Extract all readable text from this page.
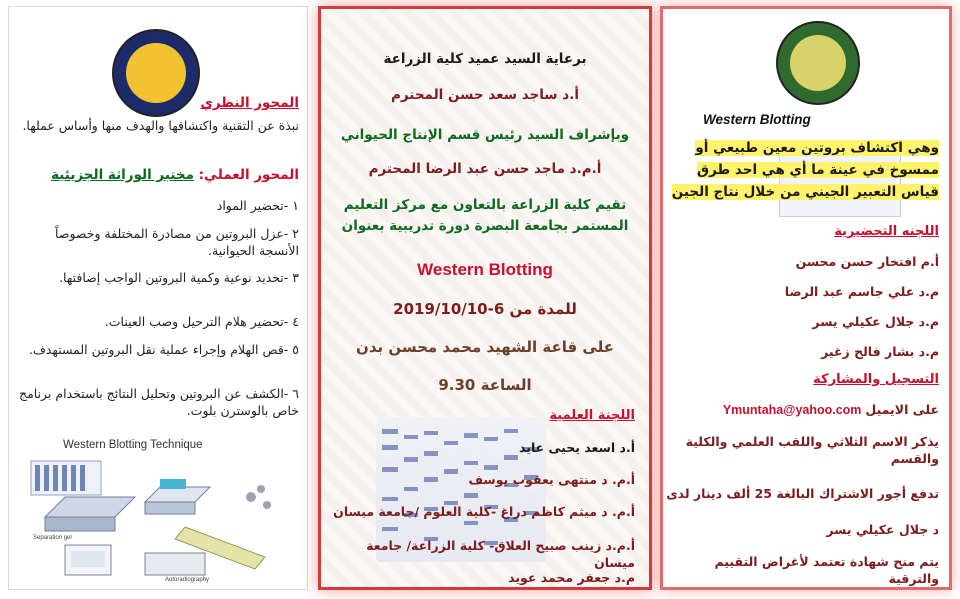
المحور النظري

نبذة عن التقنية واكتشافها والهدف منها وأساس عملها.

المحور العملي: مختبر الوراثة الجزيئية

١ -تحضير المواد

٢ -عزل البروتين من مصادرة المختلفة وخصوصاً الأنسجة الحيوانية.

٣ -تحديد نوعية وكمية البروتين الواجب إضافتها.

٤ -تحضير هلام الترحيل وصب العينات.

٥ -قص الهلام وإجراء عملية نقل البروتين المستهدف.

٦ -الكشف عن البروتين وتحليل النتائج باستخدام برنامج خاص بالوسترن بلوت.

Western Blotting Technique
Separation gel
Autoradiography

برعاية السيد عميد كلية الزراعة

أ.د ساجد سعد حسن المحترم

وبإشراف السيد رئيس قسم الإنتاج الحيواني

أ.م.د ماجد حسن عبد الرضا المحترم

تقيم كلية الزراعة بالتعاون مع مركز التعليم المستمر بجامعة البصرة دورة تدريبية بعنوان

Western Blotting

للمدة من 6-2019/10/10

على قاعة الشهيد محمد محسن بدن

الساعة 9.30

اللجنة العلمية

أ.د اسعد يحيى عايد

أ.م. د منتهى يعقوب يوسف

أ.م. د ميثم كاظم دراغ -كلية العلوم /جامعة ميسان

أ.م.د زينب صبيح العلاق- كلية الزراعة/ جامعة ميسان

م.د جعفر محمد عويد

Western Blotting

وهي اكتشاف بروتين معين طبيعي أو ممسوخ في عينة ما أي هي احد طرق قياس التعبير الجيني من خلال نتاج الجين

اللجنه التحضيرية

أ.م افتخار حسن محسن

م.د علي جاسم عبد الرضا

م.د جلال عكيلي يسر

م.د بشار فالح زغير

التسجيل والمشاركة

على الايميل Ymuntaha@yahoo.com

يذكر الاسم الثلاثي واللقب العلمي والكلية والقسم

تدفع أجور الاشتراك البالغة 25 ألف دينار لدى

د جلال عكيلي يسر

يتم منح شهادة تعتمد لأغراض التقييم والترقية
